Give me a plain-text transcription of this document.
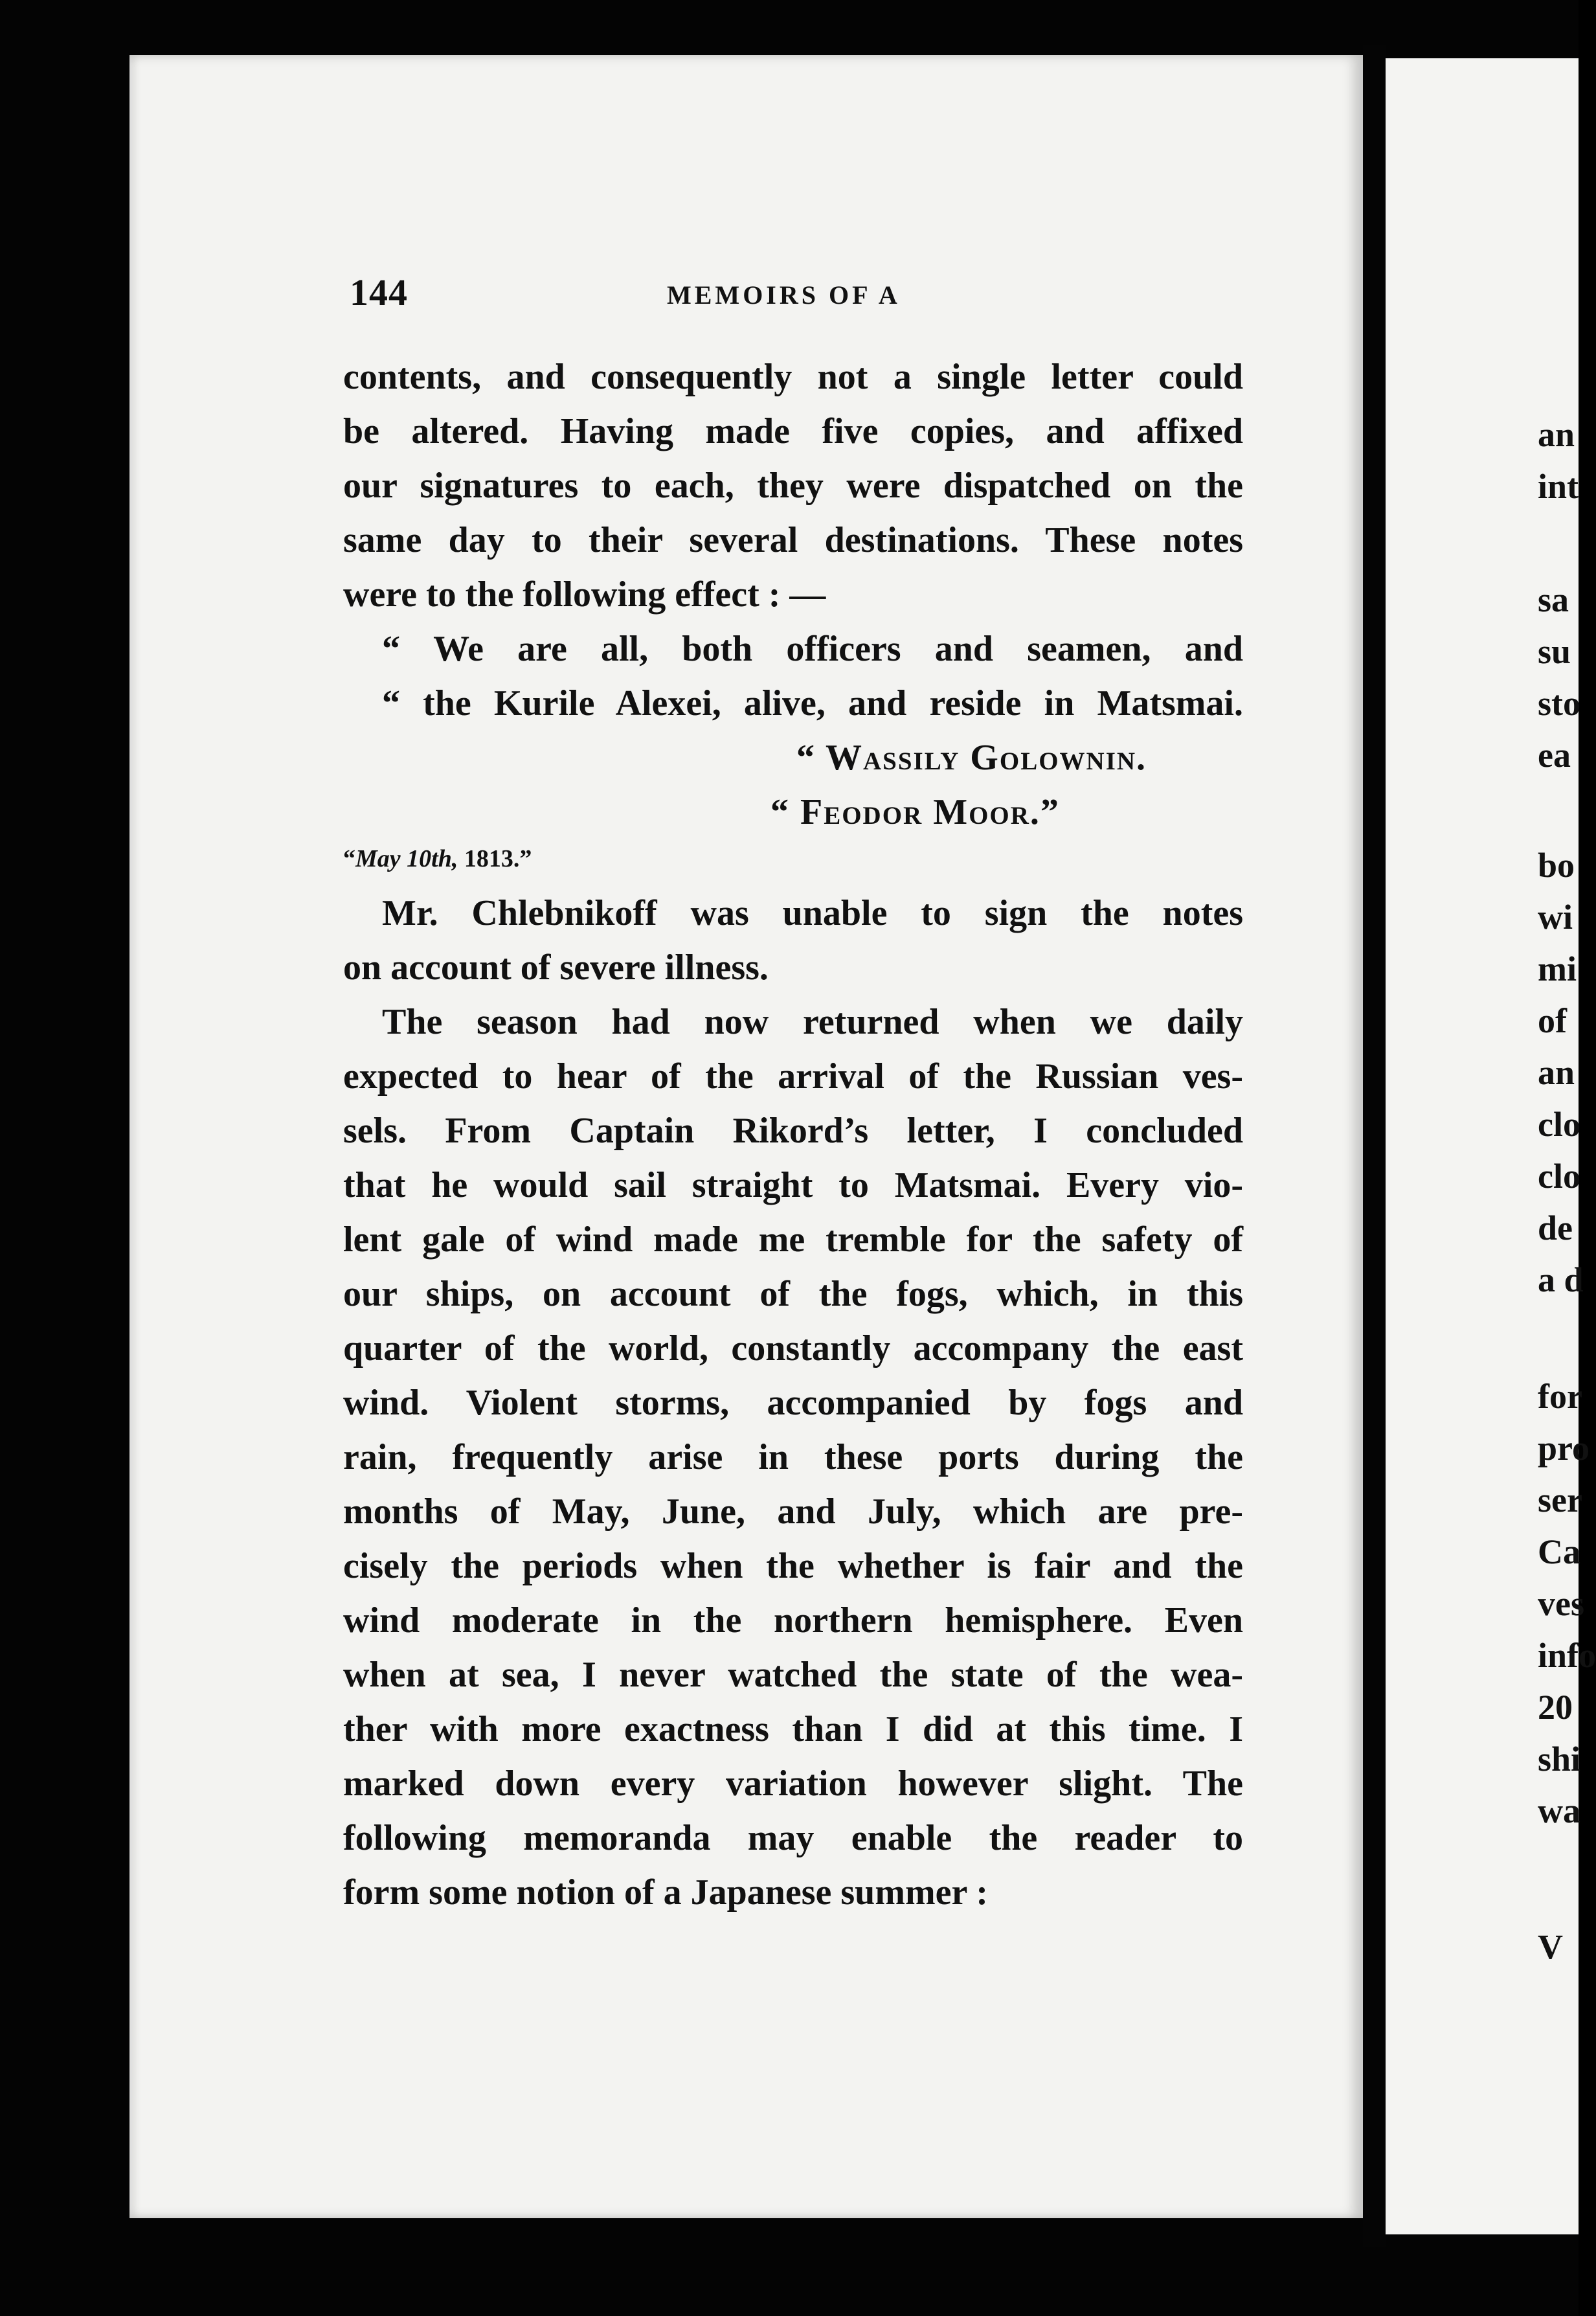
144	MEMOIRS OF A
contents, and consequently not a single letter could
be altered. Having made five copies, and affixed
our signatures to each, they were dispatched on the
same day to their several destinations. These notes
were to the following effect : —
“ We are all, both officers and seamen, and
“ the Kurile Alexei, alive, and reside in Matsmai.
“ Wassily Golownin.
“ Feodor Moor.”
“May 10th, 1813.”
Mr. Chlebnikoff was unable to sign the notes
on account of severe illness.
The season had now returned when we daily
expected to hear of the arrival of the Russian ves-
sels. From Captain Rikord’s letter, I concluded
that he would sail straight to Matsmai. Every vio-
lent gale of wind made me tremble for the safety of
our ships, on account of the fogs, which, in this
quarter of the world, constantly accompany the east
wind. Violent storms, accompanied by fogs and
rain, frequently arise in these ports during the
months of May, June, and July, which are pre-
cisely the periods when the whether is fair and the
wind moderate in the northern hemisphere. Even
when at sea, I never watched the state of the wea-
ther with more exactness than I did at this time. I
marked down every variation however slight. The
following memoranda may enable the reader to
form some notion of a Japanese summer :
an
int
sa
su
sto
ea
bo
wi
mi
of
an
clo
clo
de
a d
for
pro
ser
Ca
ves
info
20
shi
wa
V
